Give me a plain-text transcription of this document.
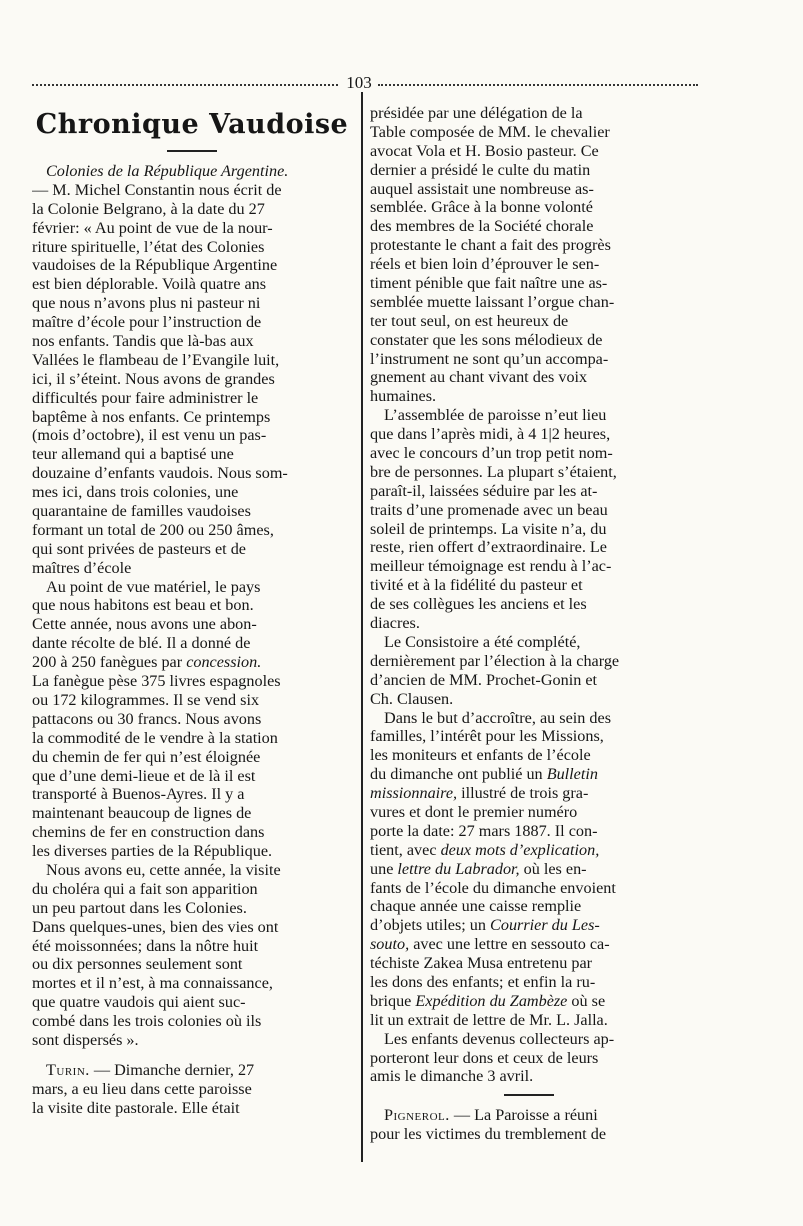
103
Chronique Vaudoise
Colonies de la République Argentine.
— M. Michel Constantin nous écrit de
la Colonie Belgrano, à la date du 27
février: « Au point de vue de la nour-
riture spirituelle, l’état des Colonies
vaudoises de la République Argentine
est bien déplorable. Voilà quatre ans
que nous n’avons plus ni pasteur ni
maître d’école pour l’instruction de
nos enfants. Tandis que là-bas aux
Vallées le flambeau de l’Evangile luit,
ici, il s’éteint. Nous avons de grandes
difficultés pour faire administrer le
baptême à nos enfants. Ce printemps
(mois d’octobre), il est venu un pas-
teur allemand qui a baptisé une
douzaine d’enfants vaudois. Nous som-
mes ici, dans trois colonies, une
quarantaine de familles vaudoises
formant un total de 200 ou 250 âmes,
qui sont privées de pasteurs et de
maîtres d’école
Au point de vue matériel, le pays
que nous habitons est beau et bon.
Cette année, nous avons une abon-
dante récolte de blé. Il a donné de
200 à 250 fanègues par concession.
La fanègue pèse 375 livres espagnoles
ou 172 kilogrammes. Il se vend six
pattacons ou 30 francs. Nous avons
la commodité de le vendre à la station
du chemin de fer qui n’est éloignée
que d’une demi-lieue et de là il est
transporté à Buenos-Ayres. Il y a
maintenant beaucoup de lignes de
chemins de fer en construction dans
les diverses parties de la République.
Nous avons eu, cette année, la visite
du choléra qui a fait son apparition
un peu partout dans les Colonies.
Dans quelques-unes, bien des vies ont
été moissonnées; dans la nôtre huit
ou dix personnes seulement sont
mortes et il n’est, à ma connaissance,
que quatre vaudois qui aient suc-
combé dans les trois colonies où ils
sont dispersés ».
Turin. — Dimanche dernier, 27
mars, a eu lieu dans cette paroisse
la visite dite pastorale. Elle était
présidée par une délégation de la
Table composée de MM. le chevalier
avocat Vola et H. Bosio pasteur. Ce
dernier a présidé le culte du matin
auquel assistait une nombreuse as-
semblée. Grâce à la bonne volonté
des membres de la Société chorale
protestante le chant a fait des progrès
réels et bien loin d’éprouver le sen-
timent pénible que fait naître une as-
semblée muette laissant l’orgue chan-
ter tout seul, on est heureux de
constater que les sons mélodieux de
l’instrument ne sont qu’un accompa-
gnement au chant vivant des voix
humaines.
L’assemblée de paroisse n’eut lieu
que dans l’après midi, à 4 1|2 heures,
avec le concours d’un trop petit nom-
bre de personnes. La plupart s’étaient,
paraît-il, laissées séduire par les at-
traits d’une promenade avec un beau
soleil de printemps. La visite n’a, du
reste, rien offert d’extraordinaire. Le
meilleur témoignage est rendu à l’ac-
tivité et à la fidélité du pasteur et
de ses collègues les anciens et les
diacres.
Le Consistoire a été complété,
dernièrement par l’élection à la charge
d’ancien de MM. Prochet-Gonin et
Ch. Clausen.
Dans le but d’accroître, au sein des
familles, l’intérêt pour les Missions,
les moniteurs et enfants de l’école
du dimanche ont publié un Bulletin
missionnaire, illustré de trois gra-
vures et dont le premier numéro
porte la date: 27 mars 1887. Il con-
tient, avec deux mots d’explication,
une lettre du Labrador, où les en-
fants de l’école du dimanche envoient
chaque année une caisse remplie
d’objets utiles; un Courrier du Les-
souto, avec une lettre en sessouto ca-
téchiste Zakea Musa entretenu par
les dons des enfants; et enfin la ru-
brique Expédition du Zambèze où se
lit un extrait de lettre de Mr. L. Jalla.
Les enfants devenus collecteurs ap-
porteront leur dons et ceux de leurs
amis le dimanche 3 avril.
Pignerol. — La Paroisse a réuni
pour les victimes du tremblement de
